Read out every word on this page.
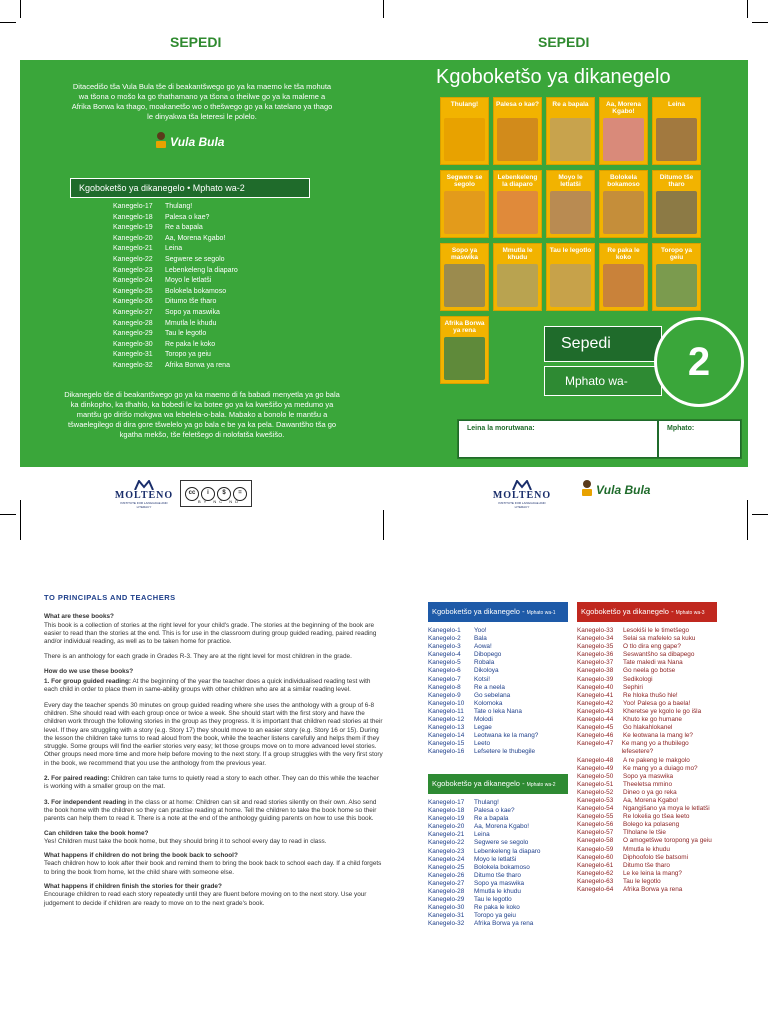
SEPEDI	SEPEDI
Ditacedišo tša Vula Bula tše di beakantšwego go ya ka maemo ke tša mohuta wa tšona o mošo ka go thathamano ya tšona o theilwe go ya ka maleme a Afrika Borwa ka thago, moakanetšo wo o thešwego go ya ka tatelano ya thago le dinyakwa tša leteresi le polelo.
Vula Bula
Kgoboketšo ya dikanegelo • Mphato wa-2
Kanegelo-17	Thulang!
Kanegelo-18	Palesa o kae?
Kanegelo-19	Re a bapala
Kanegelo-20	Aa, Morena Kgabo!
Kanegelo-21	Leina
Kanegelo-22	Segwere se segolo
Kanegelo-23	Lebenkeleng la diaparo
Kanegelo-24	Moyo le letlatši
Kanegelo-25	Bolokela bokamoso
Kanegelo-26	Ditumo tše tharo
Kanegelo-27	Sopo ya maswika
Kanegelo-28	Mmutla le khudu
Kanegelo-29	Tau le legotlo
Kanegelo-30	Re paka le koko
Kanegelo-31	Toropo ya geiu
Kanegelo-32	Afrika Borwa ya rena
Dikanegelo tše di beakantšwego go ya ka maemo di fa babadi menyetla ya go bala ka dinkopho, ka tlhahlo, ka bobedi le ka botee go ya ka kwešišo ya medumo ya mantšu go dirišo mokgwa wa lebelela-o-bala. Mabako a bonolo le mantšu a tšwaelegilego di dira gore tšwelelo ya go bala e be ya ka pela. Dawantšho tša go kgatha mekšo, tše feletšego di nolofatša kwešišo.
Kgoboketšo ya dikanegelo
Thulang!	Palesa o kae?	Re a bapala	Aa, Morena Kgabo!
Leina
Segwere se segolo
Lebenkeleng la diaparo
Moyo le letlatši
Bolokela bokamoso
Ditumo tše tharo
Sopo ya maswika
Mmutla le khudu
Tau le legotlo	Re paka le koko
Toropo ya geiu
Afrika Borwa ya rena
Sepedi
Mphato wa-	2
Leina la morutwana:	Mphato:
MOLTENO
INSTITUTE FOR LANGUAGE AND LITERACY
cc	i	$	=
BY NC ND
MOLTENO
INSTITUTE FOR LANGUAGE AND LITERACY
Vula Bula
TO PRINCIPALS AND TEACHERS

What are these books?

This book is a collection of stories at the right level for your child's grade. The stories at the beginning of the book are easier to read than the stories at the end. This is for use in the classroom during group guided reading, paired reading and/or individual reading, as well as to be taken home for practice.

There is an anthology for each grade in Grades R-3. They are at the right level for most children in the grade.

How do we use these books?

1. For group guided reading: At the beginning of the year the teacher does a quick individualised reading test with each child in order to place them in same-ability groups with other children who are at a similar reading level.

Every day the teacher spends 30 minutes on group guided reading where she uses the anthology with a group of 6-8 children. She should read with each group once or twice a week. She should start with the first story and have the children work through the following stories in the group as they progress. It is important that children read stories at their level. If they are struggling with a story (e.g. Story 17) they should move to an easier story (e.g. Story 16 or 15). During the lesson the children take turns to read aloud from the book, while the teacher listens carefully and helps them if they struggle. Some groups will find the earlier stories very easy; let those groups move on to more advanced level stories. Other groups need more time and more help before moving to the next story. If a group struggles with the very first story in the book, we recommend that you use the anthology from the previous year.

2. For paired reading: Children can take turns to quietly read a story to each other. They can do this while the teacher is working with a smaller group on the mat.

3. For independent reading in the class or at home: Children can sit and read stories silently on their own. Also send the book home with the children so they can practise reading at home. Tell the children to take the book home so their parents can help them to read it. There is a note at the end of the anthology guiding parents on how to use this book.

Can children take the book home?

Yes! Children must take the book home, but they should bring it to school every day to read in class.

What happens if children do not bring the book back to school?

Teach children how to look after their book and remind them to bring the book back to school each day. If a child forgets to bring the book from home, let the child share with someone else.

What happens if children finish the stories for their grade?

Encourage children to read each story repeatedly until they are fluent before moving on to the next story. Use your judgement to decide if children are ready to move on to the next grade's book.

Kgoboketšo ya dikanegelo - Mphato wa-1
Kanegelo-1	Yoo!
Kanegelo-2	Bala
Kanegelo-3	Aowa!
Kanegelo-4	Dibopego
Kanegelo-5	Robala
Kanegelo-6	Dikoloya
Kanegelo-7	Kotsi!
Kanegelo-8	Re a neela
Kanegelo-9	Go sebelana
Kanegelo-10	Kolomoka
Kanegelo-11	Tate o leka Nana
Kanegelo-12	Molodi
Kanegelo-13	Legae
Kanegelo-14	Leotwana ke la mang?
Kanegelo-15	Leeto
Kanegelo-16	Lefsetere le thubegile
Kgoboketšo ya dikanegelo - Mphato wa-2
Kanegelo-17	Thulang!
Kanegelo-18	Palesa o kae?
Kanegelo-19	Re a bapala
Kanegelo-20	Aa, Morena Kgabo!
Kanegelo-21	Leina
Kanegelo-22	Segwere se segolo
Kanegelo-23	Lebenkeleng la diaparo
Kanegelo-24	Moyo le letlatši
Kanegelo-25	Bolokela bokamoso
Kanegelo-26	Ditumo tše tharo
Kanegelo-27	Sopo ya maswika
Kanegelo-28	Mmutla le khudu
Kanegelo-29	Tau le legotlo
Kanegelo-30	Re paka le koko
Kanegelo-31	Toropo ya geiu
Kanegelo-32	Afrika Borwa ya rena
Kgoboketšo ya dikanegelo - Mphato wa-3
Kanegelo-33	Lesokiši le le timetšego
Kanegelo-34	Selai sa mafelelo sa kuku
Kanegelo-35	O tlo dira eng gape?
Kanegelo-36	Seswantšho sa dibapego
Kanegelo-37	Tate maledi wa Nana
Kanegelo-38	Go neela go botse
Kanegelo-39	Sedikologi
Kanegelo-40	Sephiri
Kanegelo-41	Re hloka thušo hle!
Kanegelo-42	Yoo! Palesa go a baela!
Kanegelo-43	Kheretse ye kgolo le go išla
Kanegelo-44	Khuto ke go humane
Kanegelo-45	Go hlakahlokanel
Kanegelo-46	Ke leotwana la mang le?
Kanegelo-47	Ke mang yo a thubilego lefesetere?
Kanegelo-48	A re pakeng le makgolo
Kanegelo-49	Ke mang yo a duiago mo?
Kanegelo-50	Sopo ya maswika
Kanegelo-51	Theeletsa mmino
Kanegelo-52	Dineo o ya go reka
Kanegelo-53	Aa, Morena Kgabo!
Kanegelo-54	Ngangišano ya moya le letlatši
Kanegelo-55	Re lokelia go tšea leeto
Kanegelo-56	Bolego ka polaseng
Kanegelo-57	Tlholane le tšie
Kanegelo-58	O amogetšwe toropong ya geiu
Kanegelo-59	Mmutla le khudu
Kanegelo-60	Diphoofolo tše batsomi
Kanegelo-61	Ditumo tše tharo
Kanegelo-62	Le ke leina la mang?
Kanegelo-63	Tau le legotlo
Kanegelo-64	Afrika Borwa ya rena
